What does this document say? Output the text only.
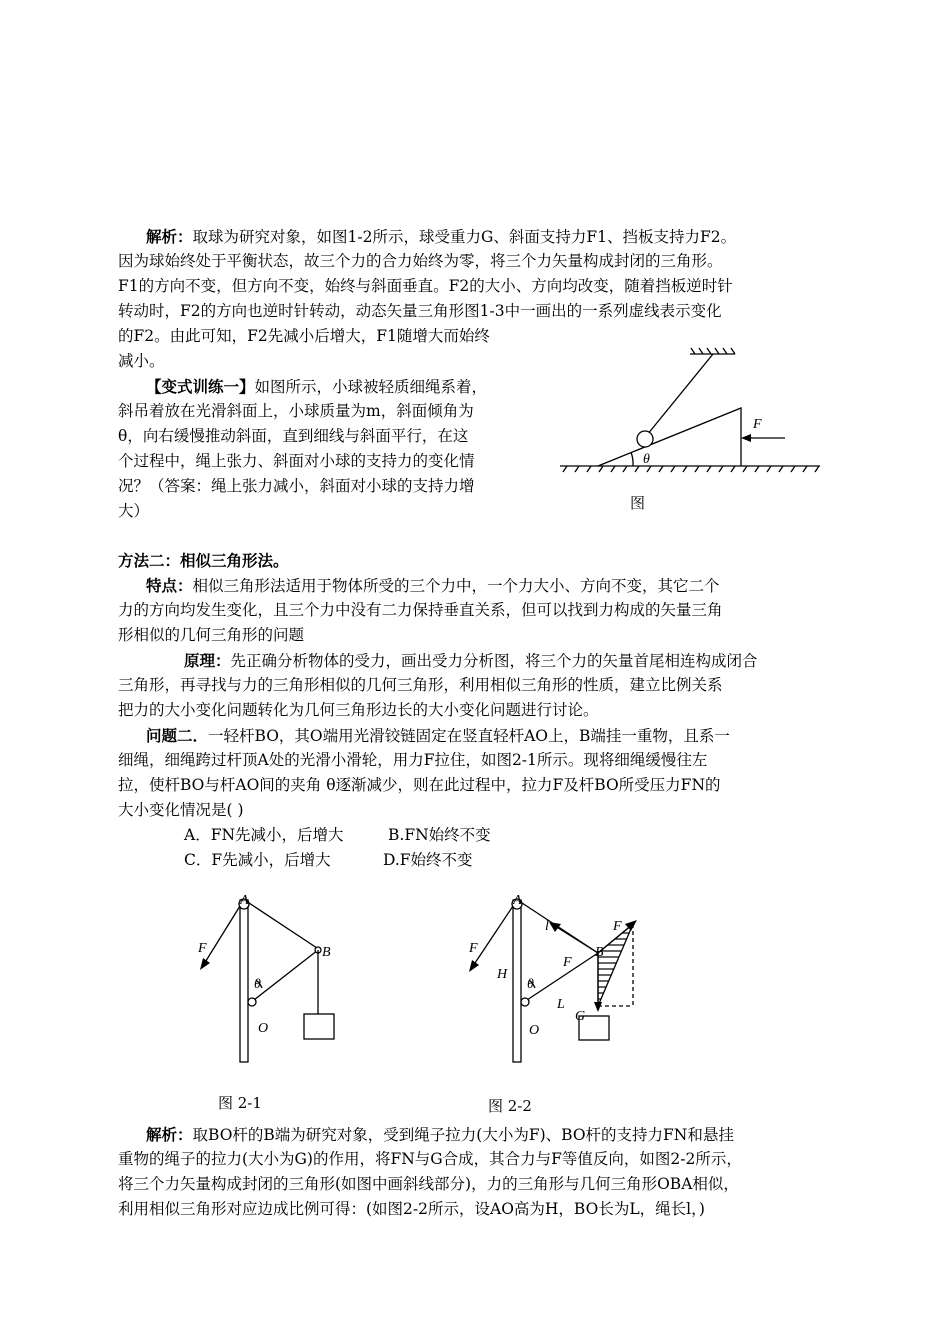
解析：取球为研究对象，如图1-2所示，球受重力G、斜面支持力F1、挡板支持力F2。
因为球始终处于平衡状态，故三个力的合力始终为零，将三个力矢量构成封闭的三角形。
F1的方向不变，但方向不变，始终与斜面垂直。F2的大小、方向均改变，随着挡板逆时针
转动时，F2的方向也逆时针转动，动态矢量三角形图1-3中一画出的一系列虚线表示变化
的F2。由此可知，F2先减小后增大，F1随增大而始终
减小。
【变式训练一】如图所示，小球被轻质细绳系着，
斜吊着放在光滑斜面上，小球质量为m，斜面倾角为
θ，向右缓慢推动斜面，直到细线与斜面平行，在这
个过程中，绳上张力、斜面对小球的支持力的变化情
况？（答案：绳上张力减小，斜面对小球的支持力增
大）
F
θ
图
方法二：相似三角形法。
特点：相似三角形法适用于物体所受的三个力中，一个力大小、方向不变，其它二个
力的方向均发生变化，且三个力中没有二力保持垂直关系，但可以找到力构成的矢量三角
形相似的几何三角形的问题
原理：先正确分析物体的受力，画出受力分析图，将三个力的矢量首尾相连构成闭合
三角形，再寻找与力的三角形相似的几何三角形，利用相似三角形的性质，建立比例关系
把力的大小变化问题转化为几何三角形边长的大小变化问题进行讨论。
问题二．一轻杆BO，其O端用光滑铰链固定在竖直轻杆AO上，B端挂一重物，且系一
细绳，细绳跨过杆顶A处的光滑小滑轮，用力F拉住，如图2-1所示。现将细绳缓慢往左
拉，使杆BO与杆AO间的夹角 θ逐渐减少，则在此过程中，拉力F及杆BO所受压力FN的
大小变化情况是( )
A．FN先减小，后增大	B.FN始终不变
C．F先减小，后增大	D.F始终不变
A
B
O
F
θ
图 2-1
A
B
O
F
F
F
H
L
l
G
θ
图 2-2
解析：取BO杆的B端为研究对象，受到绳子拉力(大小为F)、BO杆的支持力FN和悬挂
重物的绳子的拉力(大小为G)的作用，将FN与G合成，其合力与F等值反向，如图2-2所示，
将三个力矢量构成封闭的三角形(如图中画斜线部分)，力的三角形与几何三角形OBA相似，
利用相似三角形对应边成比例可得：(如图2-2所示，设AO高为H，BO长为L，绳长l，)
